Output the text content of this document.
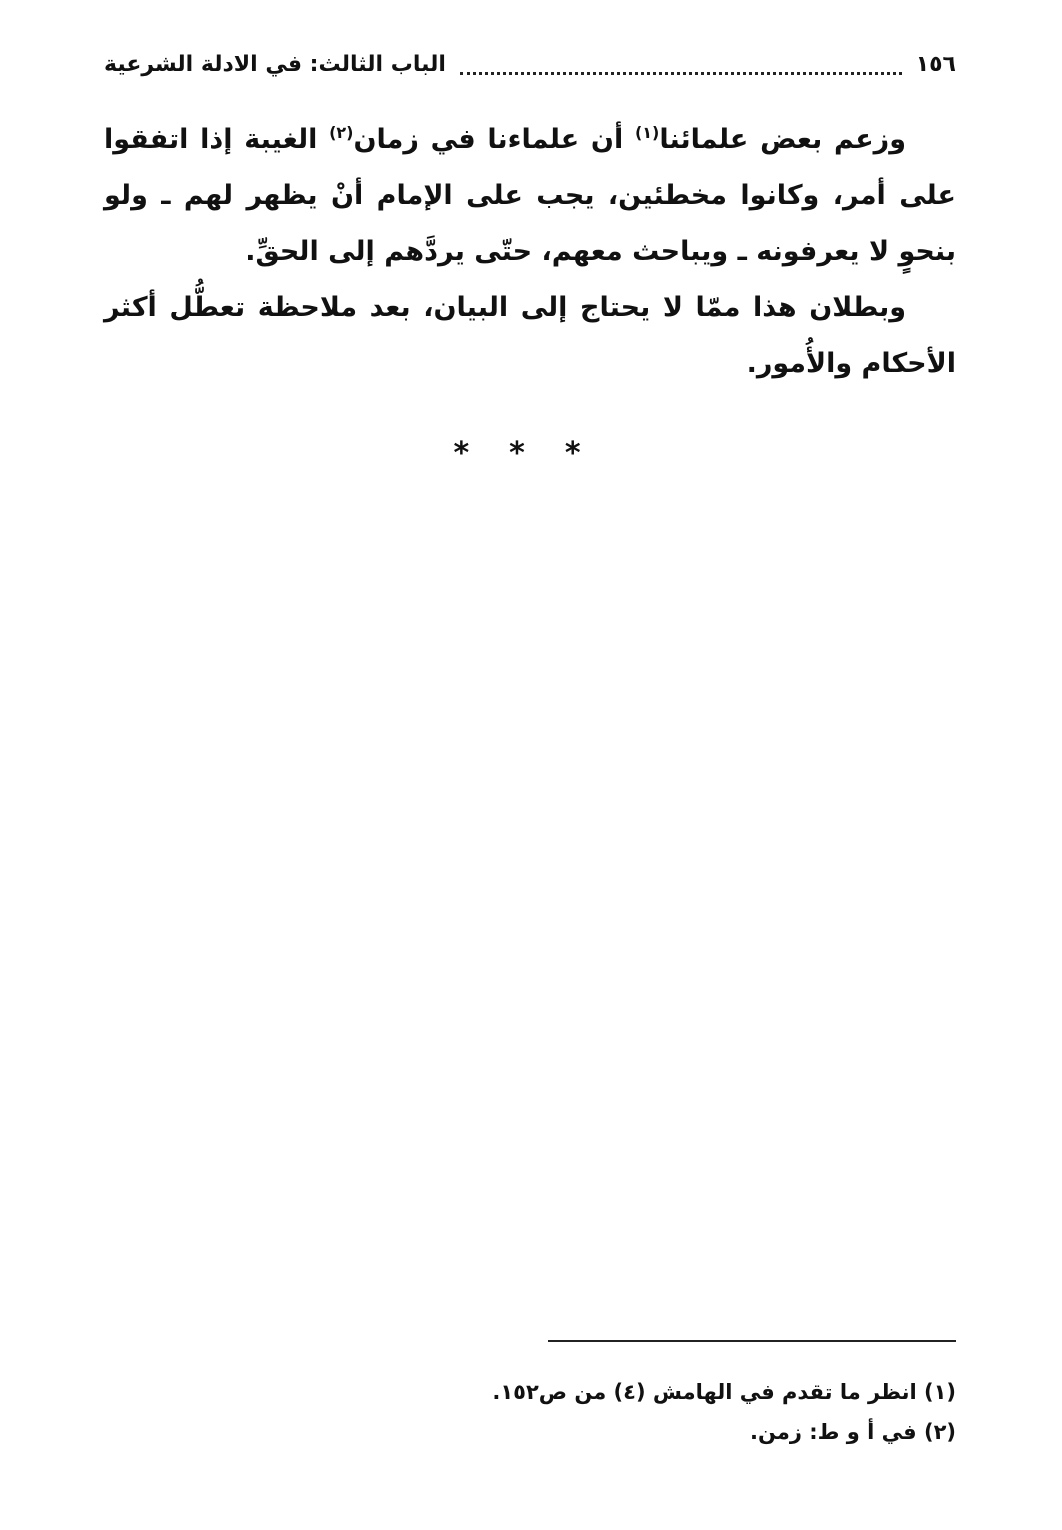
١٥٦
الباب الثالث: في الادلة الشرعية

وزعم بعض علمائنا$^{(١)}$ أن علماءنا في زمان$^{(٢)}$ الغيبة إذا اتفقوا على أمر، وكانوا مخطئين، يجب على الإمام أنْ يظهر لهم ـ ولو بنحوٍ لا يعرفونه ـ ويباحث معهم، حتّى يردَّهم إلى الحقِّ.

وبطلان هذا ممّا لا يحتاج إلى البيان، بعد ملاحظة تعطُّل أكثر الأحكام والأُمور.

* * *

(١) انظر ما تقدم في الهامش (٤) من ص١٥٢.

(٢) في أ و ط: زمن.
